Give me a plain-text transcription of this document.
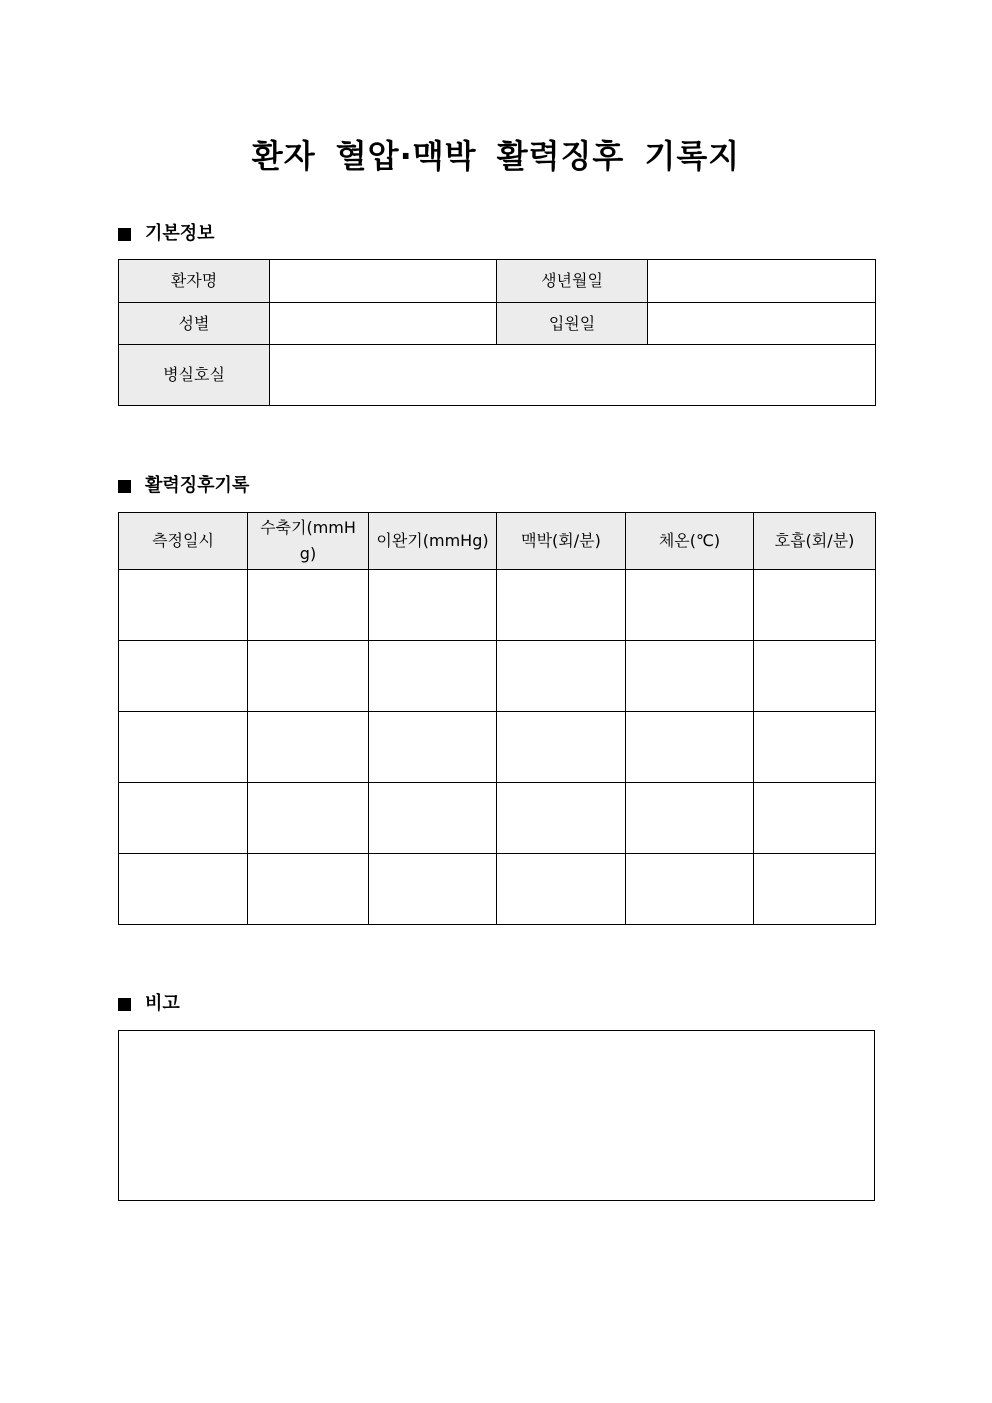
환자 혈압·맥박 활력징후 기록지
기본정보
환자명		생년월일	
성별		입원일	
병실호실			
활력징후기록
측정일시	수축기(mmHg)	이완기(mmHg)	맥박(회/분)	체온(℃)	호흡(회/분)

비고
